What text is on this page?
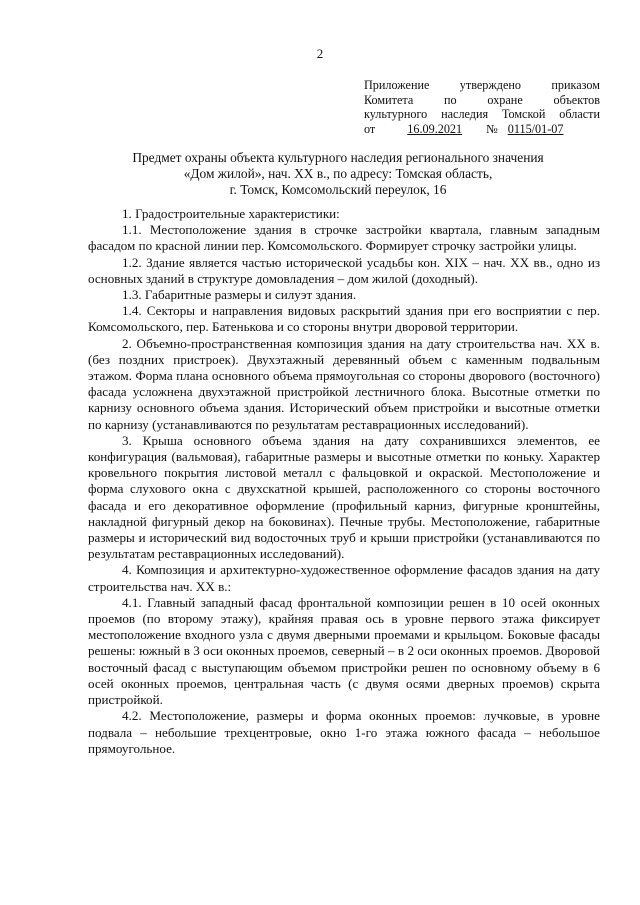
2
Приложение утверждено приказом
Комитета по охране объектов
культурного наследия Томской области
от	16.09.2021	№ 0115/01-07
Предмет охраны объекта культурного наследия регионального значения
«Дом жилой», нач. XX в., по адресу: Томская область,
г. Томск, Комсомольский переулок, 16

1. Градостроительные характеристики:

1.1. Местоположение здания в строчке застройки квартала, главным западным фасадом по красной линии пер. Комсомольского. Формирует строчку застройки улицы.

1.2. Здание является частью исторической усадьбы кон. XIX – нач. XX вв., одно из основных зданий в структуре домовладения – дом жилой (доходный).

1.3. Габаритные размеры и силуэт здания.

1.4. Секторы и направления видовых раскрытий здания при его восприятии с пер. Комсомольского, пер. Батенькова и со стороны внутри дворовой территории.

2. Объемно-пространственная композиция здания на дату строительства нач. XX в. (без поздних пристроек). Двухэтажный деревянный объем с каменным подвальным этажом. Форма плана основного объема прямоугольная со стороны дворового (восточного) фасада усложнена двухэтажной пристройкой лестничного блока. Высотные отметки по карнизу основного объема здания. Исторический объем пристройки и высотные отметки по карнизу (устанавливаются по результатам реставрационных исследований).

3. Крыша основного объема здания на дату сохранившихся элементов, ее конфигурация (вальмовая), габаритные размеры и высотные отметки по коньку. Характер кровельного покрытия листовой металл с фальцовкой и окраской. Местоположение и форма слухового окна с двухскатной крышей, расположенного со стороны восточного фасада и его декоративное оформление (профильный карниз, фигурные кронштейны, накладной фигурный декор на боковинах). Печные трубы. Местоположение, габаритные размеры и исторический вид водосточных труб и крыши пристройки (устанавливаются по результатам реставрационных исследований).

4. Композиция и архитектурно-художественное оформление фасадов здания на дату строительства нач. XX в.:

4.1. Главный западный фасад фронтальной композиции решен в 10 осей оконных проемов (по второму этажу), крайняя правая ось в уровне первого этажа фиксирует местоположение входного узла с двумя дверными проемами и крыльцом. Боковые фасады решены: южный в 3 оси оконных проемов, северный – в 2 оси оконных проемов. Дворовой восточный фасад с выступающим объемом пристройки решен по основному объему в 6 осей оконных проемов, центральная часть (с двумя осями дверных проемов) скрыта пристройкой.

4.2. Местоположение, размеры и форма оконных проемов: лучковые, в уровне подвала – небольшие трехцентровые, окно 1-го этажа южного фасада – небольшое прямоугольное.
